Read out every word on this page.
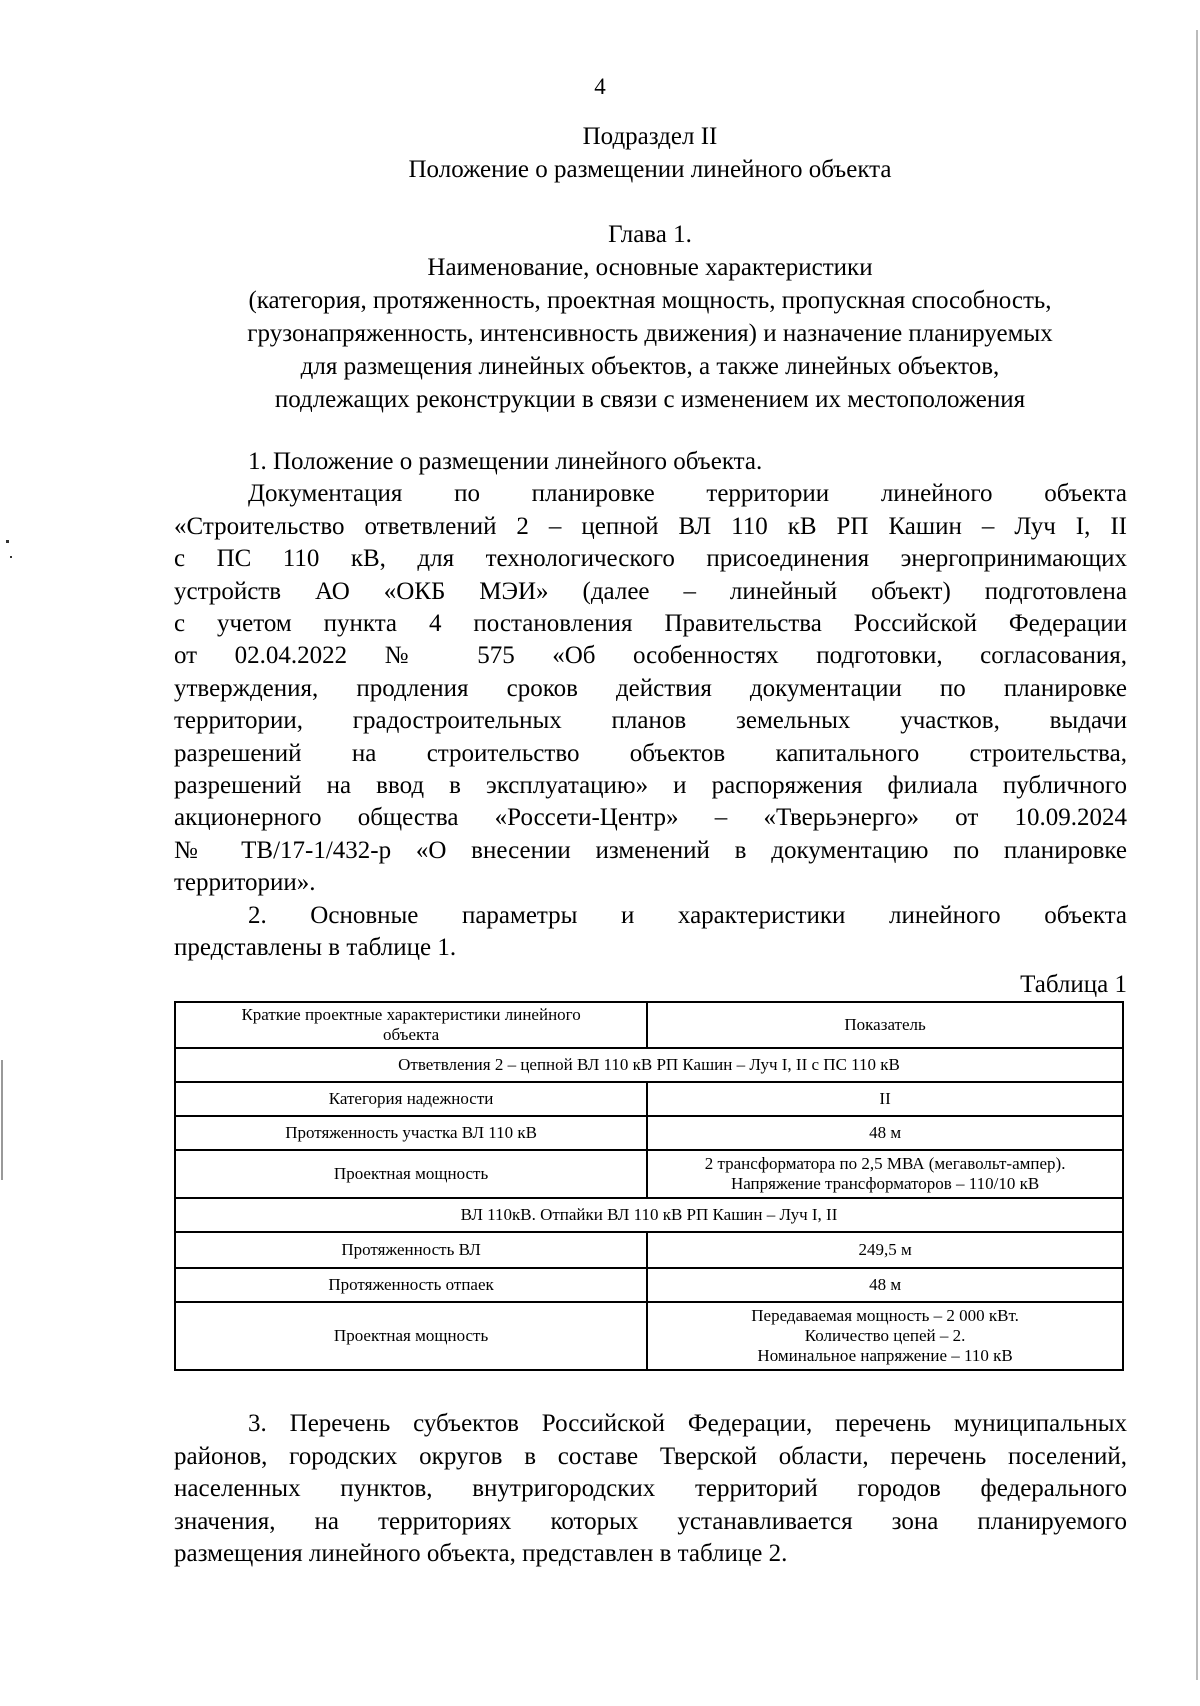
4
Подраздел II
Положение о размещении линейного объекта
Глава 1.
Наименование, основные характеристики
(категория, протяженность, проектная мощность, пропускная способность,
грузонапряженность, интенсивность движения) и назначение планируемых
для размещения линейных объектов, а также линейных объектов,
подлежащих реконструкции в связи с изменением их местоположения
1. Положение о размещении линейного объекта.
Документация по планировке территории линейного объекта
«Строительство ответвлений 2 – цепной ВЛ 110 кВ РП Кашин – Луч I, II
с ПС 110 кВ, для технологического присоединения энергопринимающих
устройств АО «ОКБ МЭИ» (далее – линейный объект) подготовлена
с учетом пункта 4 постановления Правительства Российской Федерации
от 02.04.2022 № 575 «Об особенностях подготовки, согласования,
утверждения, продления сроков действия документации по планировке
территории, градостроительных планов земельных участков, выдачи
разрешений на строительство объектов капитального строительства,
разрешений на ввод в эксплуатацию» и распоряжения филиала публичного
акционерного общества «Россети-Центр» – «Тверьэнерго» от 10.09.2024
№ ТВ/17-1/432-р «О внесении изменений в документацию по планировке
территории».
2. Основные параметры и характеристики линейного объекта
представлены в таблице 1.
Таблица 1
Краткие проектные характеристики линейного объекта	Показатель
Ответвления 2 – цепной ВЛ 110 кВ РП Кашин – Луч I, II с ПС 110 кВ	
Категория надежности	II
Протяженность участка ВЛ 110 кВ	48 м
Проектная мощность	2 трансформатора по 2,5 МВА (мегавольт-ампер).
Напряжение трансформаторов – 110/10 кВ

ВЛ 110кВ. Отпайки ВЛ 110 кВ РП Кашин – Луч I, II	
Протяженность ВЛ	249,5 м
Протяженность отпаек	48 м
Проектная мощность	Передаваемая мощность – 2 000 кВт.
Количество цепей – 2.
Номинальное напряжение – 110 кВ
3. Перечень субъектов Российской Федерации, перечень муниципальных
районов, городских округов в составе Тверской области, перечень поселений,
населенных пунктов, внутригородских территорий городов федерального
значения, на территориях которых устанавливается зона планируемого
размещения линейного объекта, представлен в таблице 2.
